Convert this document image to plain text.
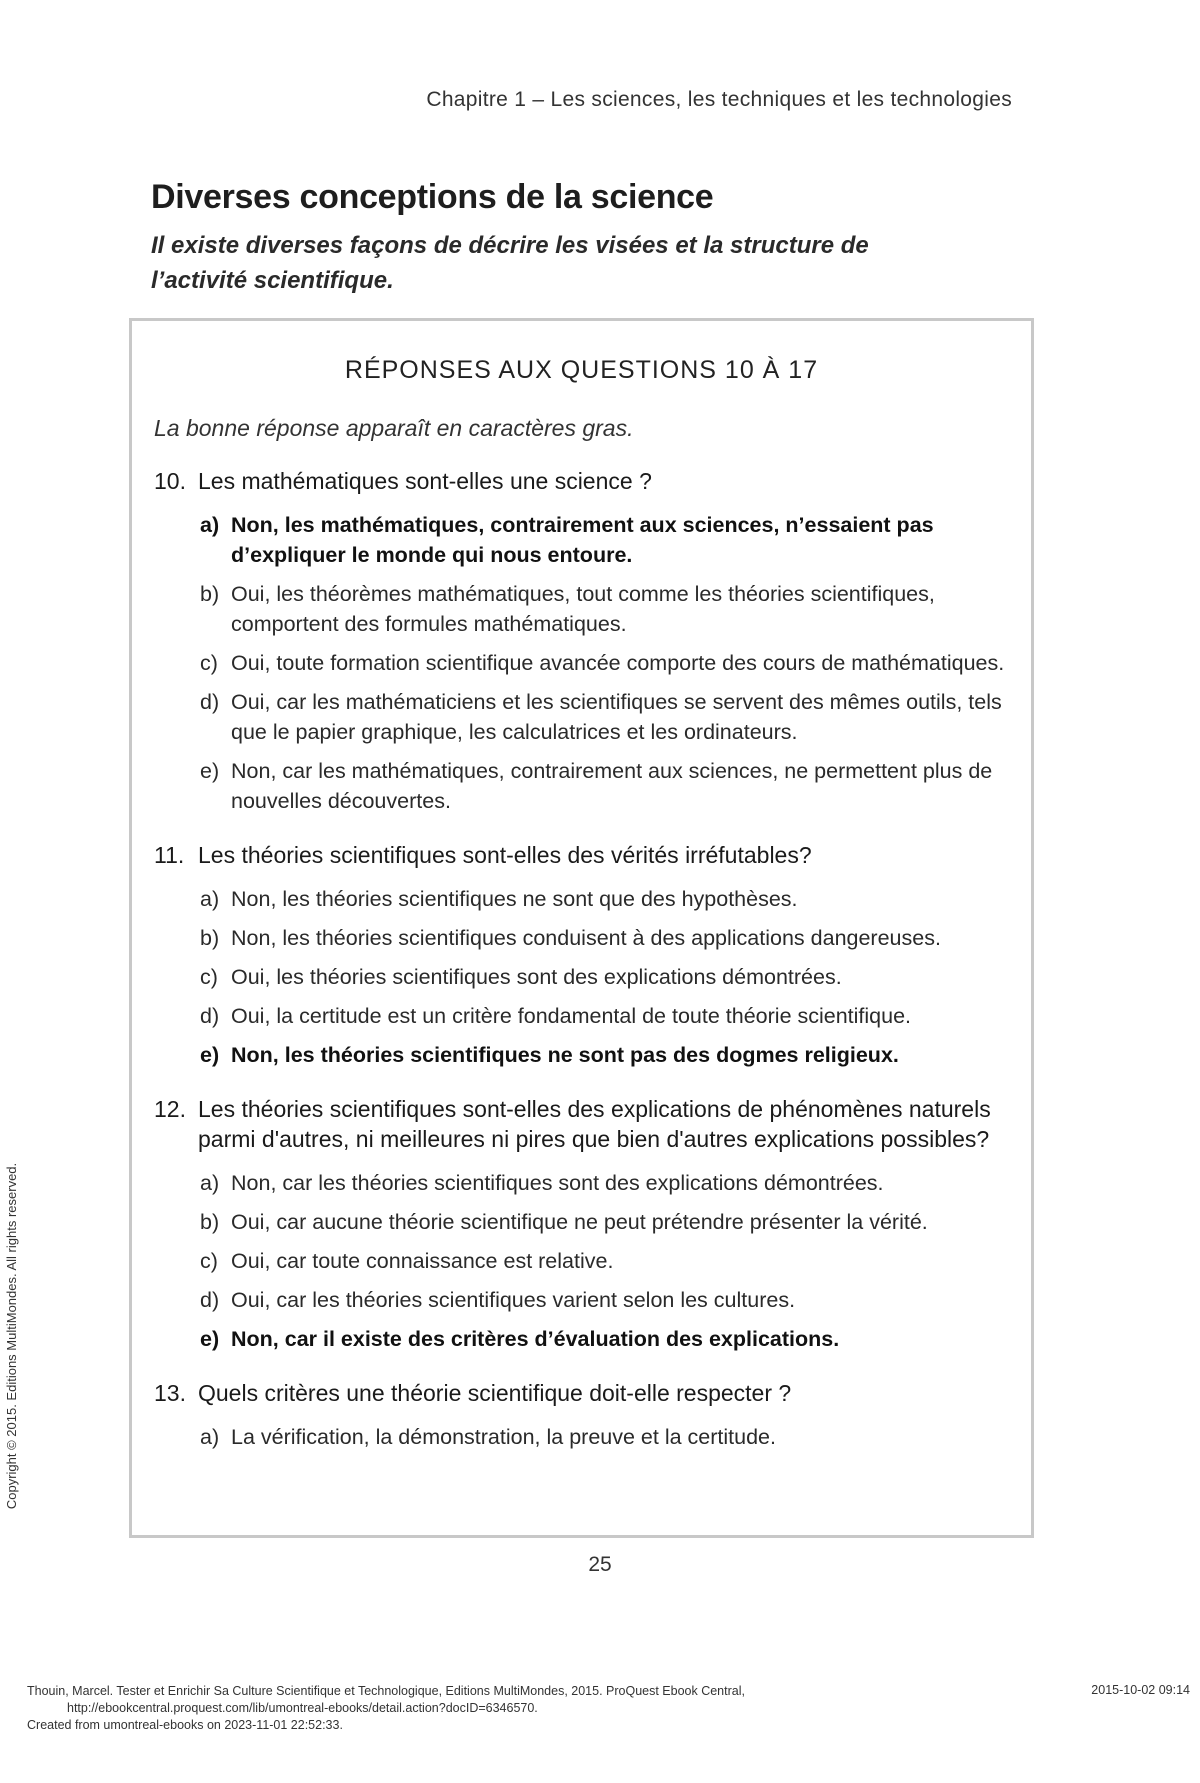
Chapitre 1 – Les sciences, les techniques et les technologies
Diverses conceptions de la science

Il existe diverses façons de décrire les visées et la structure de l’activité scientifique.

RÉPONSES AUX QUESTIONS 10 À 17
La bonne réponse apparaît en caractères gras.
10. Les mathématiques sont-elles une science ?
a) Non, les mathématiques, contrairement aux sciences, n’essaient pas d’expliquer le monde qui nous entoure.
b) Oui, les théorèmes mathématiques, tout comme les théories scientifiques, comportent des formules mathématiques.
c) Oui, toute formation scientifique avancée comporte des cours de mathématiques.
d) Oui, car les mathématiciens et les scientifiques se servent des mêmes outils, tels que le papier graphique, les calculatrices et les ordinateurs.
e) Non, car les mathématiques, contrairement aux sciences, ne permettent plus de nouvelles découvertes.
11. Les théories scientifiques sont-elles des vérités irréfutables?
a) Non, les théories scientifiques ne sont que des hypothèses.
b) Non, les théories scientifiques conduisent à des applications dangereuses.
c) Oui, les théories scientifiques sont des explications démontrées.
d) Oui, la certitude est un critère fondamental de toute théorie scientifique.
e) Non, les théories scientifiques ne sont pas des dogmes religieux.
12. Les théories scientifiques sont-elles des explications de phénomènes naturels parmi d'autres, ni meilleures ni pires que bien d'autres explications possibles?
a) Non, car les théories scientifiques sont des explications démontrées.
b) Oui, car aucune théorie scientifique ne peut prétendre présenter la vérité.
c) Oui, car toute connaissance est relative.
d) Oui, car les théories scientifiques varient selon les cultures.
e) Non, car il existe des critères d’évaluation des explications.
13. Quels critères une théorie scientifique doit-elle respecter ?
a) La vérification, la démonstration, la preuve et la certitude.
25
Copyright © 2015. Editions MultiMondes. All rights reserved.
Thouin, Marcel. Tester et Enrichir Sa Culture Scientifique et Technologique, Editions MultiMondes, 2015. ProQuest Ebook Central,
http://ebookcentral.proquest.com/lib/umontreal-ebooks/detail.action?docID=6346570.
Created from umontreal-ebooks on 2023-11-01 22:52:33.
2015-10-02 09:14
